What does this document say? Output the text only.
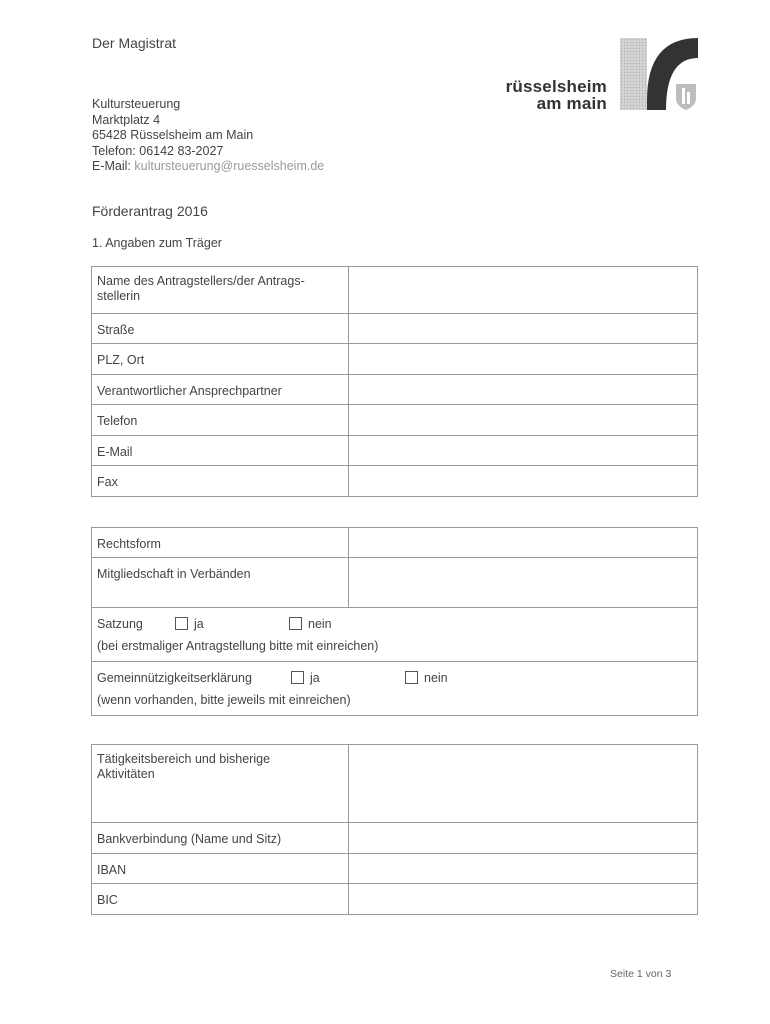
Der Magistrat
Kultursteuerung
Marktplatz 4
65428 Rüsselsheim am Main
Telefon: 06142 83-2027
E-Mail: kultursteuerung@ruesselsheim.de
rüsselsheim
am main
Förderantrag 2016
1. Angaben zum Träger
Name des Antragstellers/der Antrags-
stellerin	

Straße	

PLZ, Ort	

Verantwortlicher Ansprechpartner	

Telefon	

E-Mail	

Fax	

Rechtsform	

Mitgliedschaft in Verbänden	

Satzung ja nein
(bei erstmaliger Antragstellung bitte mit einreichen)	

Gemeinnützigkeitserklärung ja nein
(wenn vorhanden, bitte jeweils mit einreichen)	
Tätigkeitsbereich und bisherige
Aktivitäten	

Bankverbindung (Name und Sitz)	

IBAN	

BIC	

Seite 1 von 3
